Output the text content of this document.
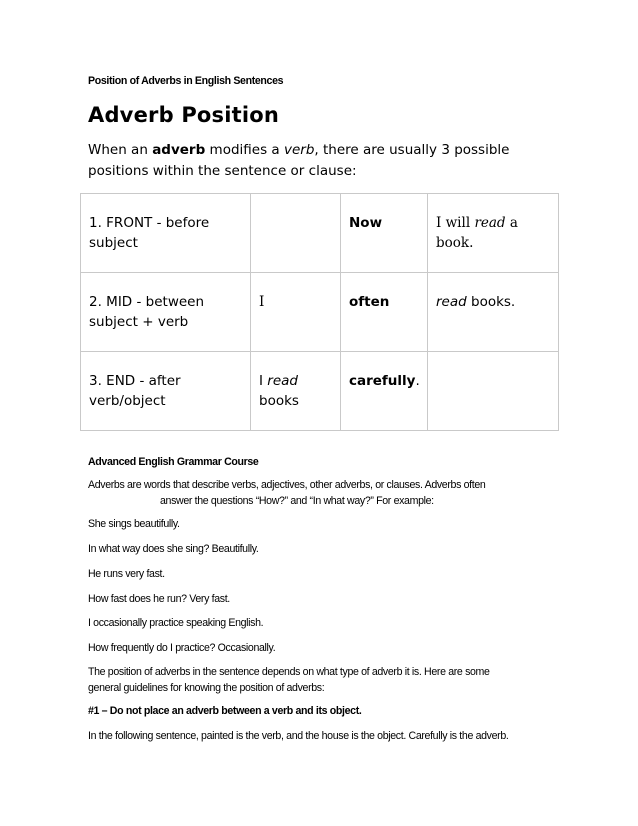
Position of Adverbs in English Sentences

Adverb Position

When an adverb modifies a verb, there are usually 3 possible positions within the sentence or clause:

Advanced English Grammar Course

Adverbs are words that describe verbs, adjectives, other adverbs, or clauses. Adverbs often

answer the questions “How?” and “In what way?” For example:

She sings beautifully.

In what way does she sing? Beautifully.

He runs very fast.

How fast does he run? Very fast.

I occasionally practice speaking English.

How frequently do I practice? Occasionally.

The position of adverbs in the sentence depends on what type of adverb it is. Here are some

general guidelines for knowing the position of adverbs:

#1 – Do not place an adverb between a verb and its object.

In the following sentence, painted is the verb, and the house is the object. Carefully is the adverb.

1. FRONT - before subject		Now	I will read a book.
2. MID - between subject + verb	I	often	read books.
3. END - after verb/object	I read books	carefully.	
